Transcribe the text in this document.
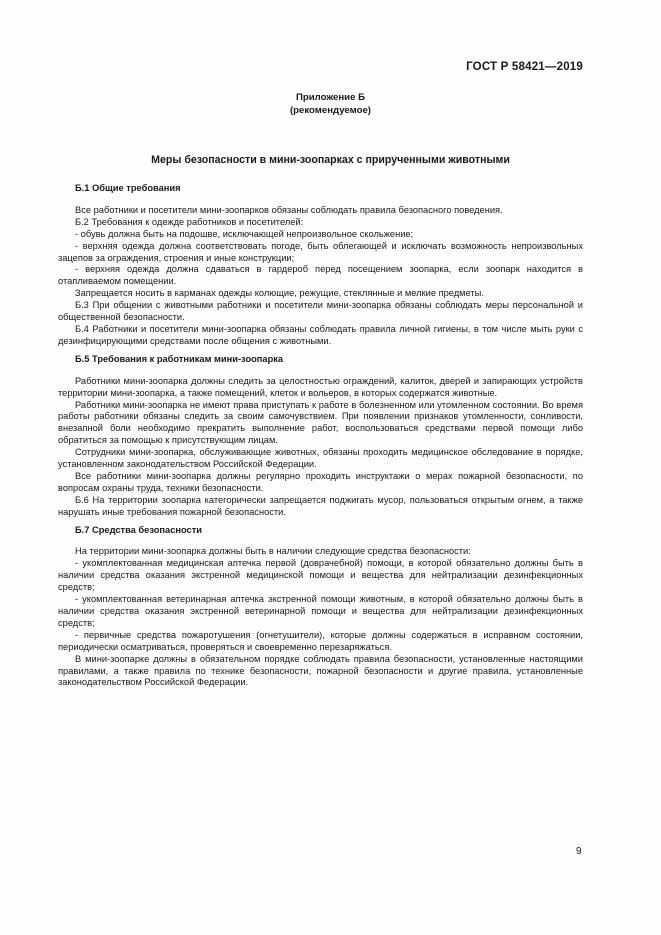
ГОСТ Р 58421—2019
Приложение Б
(рекомендуемое)
Меры безопасности в мини-зоопарках с прирученными животными

Б.1 Общие требования

Все работники и посетители мини-зоопарков обязаны соблюдать правила безопасного поведения.

Б.2 Требования к одежде работников и посетителей:

- обувь должна быть на подошве, исключающей непроизвольное скольжение;

- верхняя одежда должна соответствовать погоде, быть облегающей и исключать возможность непроизвольных зацепов за ограждения, строения и иные конструкции;

- верхняя одежда должна сдаваться в гардероб перед посещением зоопарка, если зоопарк находится в отапливаемом помещении.

Запрещается носить в карманах одежды колющие, режущие, стеклянные и мелкие предметы.

Б.3 При общении с животными работники и посетители мини-зоопарка обязаны соблюдать меры персональной и общественной безопасности.

Б.4 Работники и посетители мини-зоопарка обязаны соблюдать правила личной гигиены, в том числе мыть руки с дезинфицирующими средствами после общения с животными.

Б.5 Требования к работникам мини-зоопарка

Работники мини-зоопарка должны следить за целостностью ограждений, калиток, дверей и запирающих устройств территории мини-зоопарка, а также помещений, клеток и вольеров, в которых содержатся животные.

Работники мини-зоопарка не имеют права приступать к работе в болезненном или утомленном состоянии. Во время работы работники обязаны следить за своим самочувствием. При появлении признаков утомленности, сонливости, внезапной боли необходимо прекратить выполнение работ, воспользоваться средствами первой помощи либо обратиться за помощью к присутствующим лицам.

Сотрудники мини-зоопарка, обслуживающие животных, обязаны проходить медицинское обследование в порядке, установленном законодательством Российской Федерации.

Все работники мини-зоопарка должны регулярно проходить инструктажи о мерах пожарной безопасности, по вопросам охраны труда, техники безопасности.

Б.6 На территории зоопарка категорически запрещается поджигать мусор, пользоваться открытым огнем, а также нарушать иные требования пожарной безопасности.

Б.7 Средства безопасности

На территории мини-зоопарка должны быть в наличии следующие средства безопасности:

- укомплектованная медицинская аптечка первой (доврачебной) помощи, в которой обязательно должны быть в наличии средства оказания экстренной медицинской помощи и вещества для нейтрализации дезинфекционных средств;

- укомплектованная ветеринарная аптечка экстренной помощи животным, в которой обязательно должны быть в наличии средства оказания экстренной ветеринарной помощи и вещества для нейтрализации дезинфекционных средств;

- первичные средства пожаротушения (огнетушители), которые должны содержаться в исправном состоянии, периодически осматриваться, проверяться и своевременно перезаряжаться.

В мини-зоопарке должны в обязательном порядке соблюдать правила безопасности, установленные настоящими правилами, а также правила по технике безопасности, пожарной безопасности и другие правила, установленные законодательством Российской Федерации.

9
